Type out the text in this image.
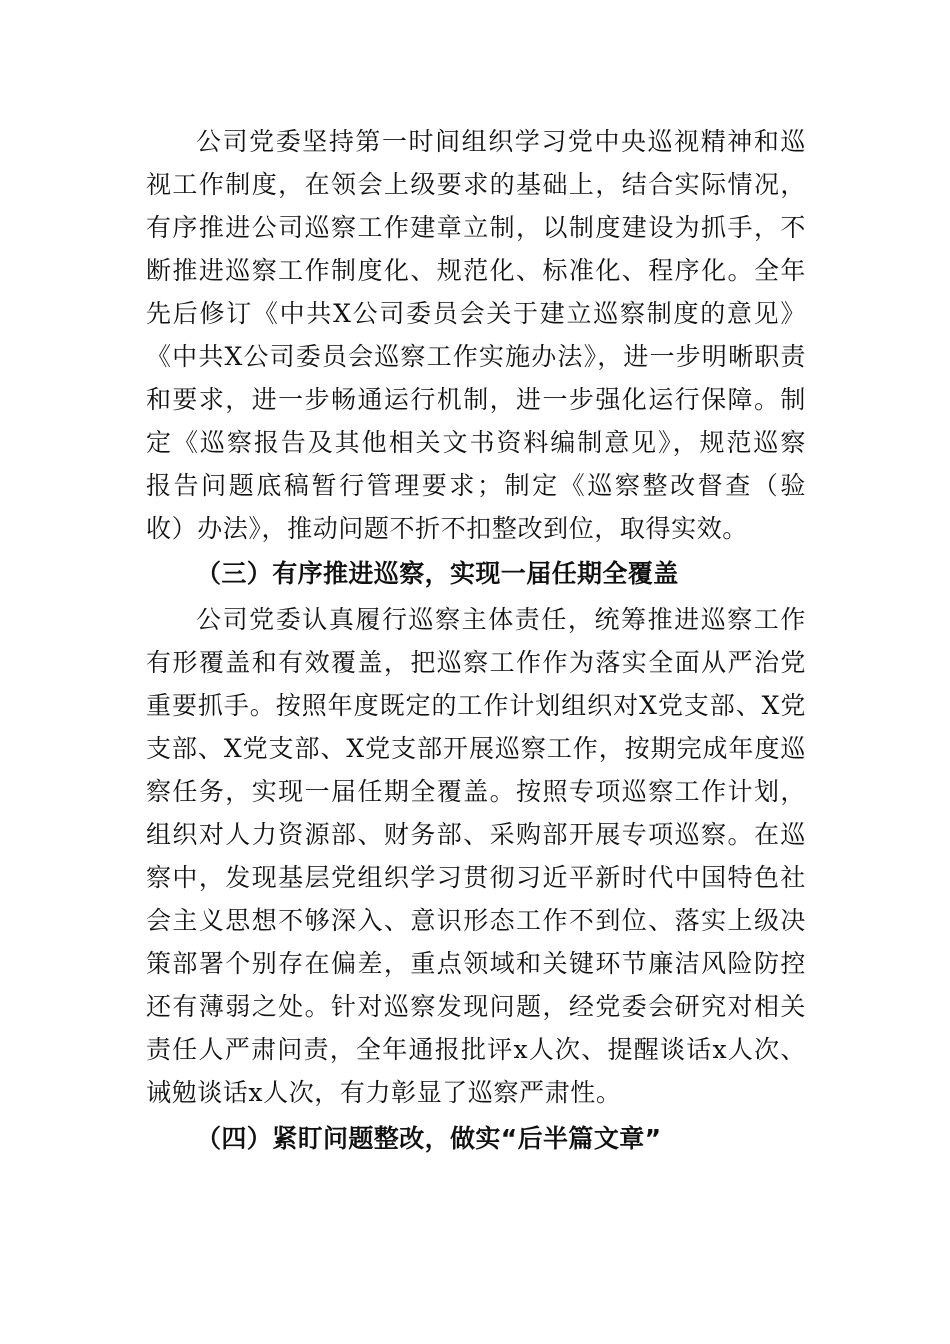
公司党委坚持第一时间组织学习党中央巡视精神和巡
视工作制度，在领会上级要求的基础上，结合实际情况，
有序推进公司巡察工作建章立制，以制度建设为抓手，不
断推进巡察工作制度化、规范化、标准化、程序化。全年
先后修订《中共X公司委员会关于建立巡察制度的意见》
《中共X公司委员会巡察工作实施办法》，进一步明晰职责
和要求，进一步畅通运行机制，进一步强化运行保障。制
定《巡察报告及其他相关文书资料编制意见》，规范巡察
报告问题底稿暂行管理要求；制定《巡察整改督查（验
收）办法》，推动问题不折不扣整改到位，取得实效。
（三）有序推进巡察，实现一届任期全覆盖
公司党委认真履行巡察主体责任，统筹推进巡察工作
有形覆盖和有效覆盖，把巡察工作作为落实全面从严治党
重要抓手。按照年度既定的工作计划组织对X党支部、X党
支部、X党支部、X党支部开展巡察工作，按期完成年度巡
察任务，实现一届任期全覆盖。按照专项巡察工作计划，
组织对人力资源部、财务部、采购部开展专项巡察。在巡
察中，发现基层党组织学习贯彻习近平新时代中国特色社
会主义思想不够深入、意识形态工作不到位、落实上级决
策部署个别存在偏差，重点领域和关键环节廉洁风险防控
还有薄弱之处。针对巡察发现问题，经党委会研究对相关
责任人严肃问责，全年通报批评x人次、提醒谈话x人次、
诫勉谈话x人次，有力彰显了巡察严肃性。
（四）紧盯问题整改，做实“后半篇文章”
